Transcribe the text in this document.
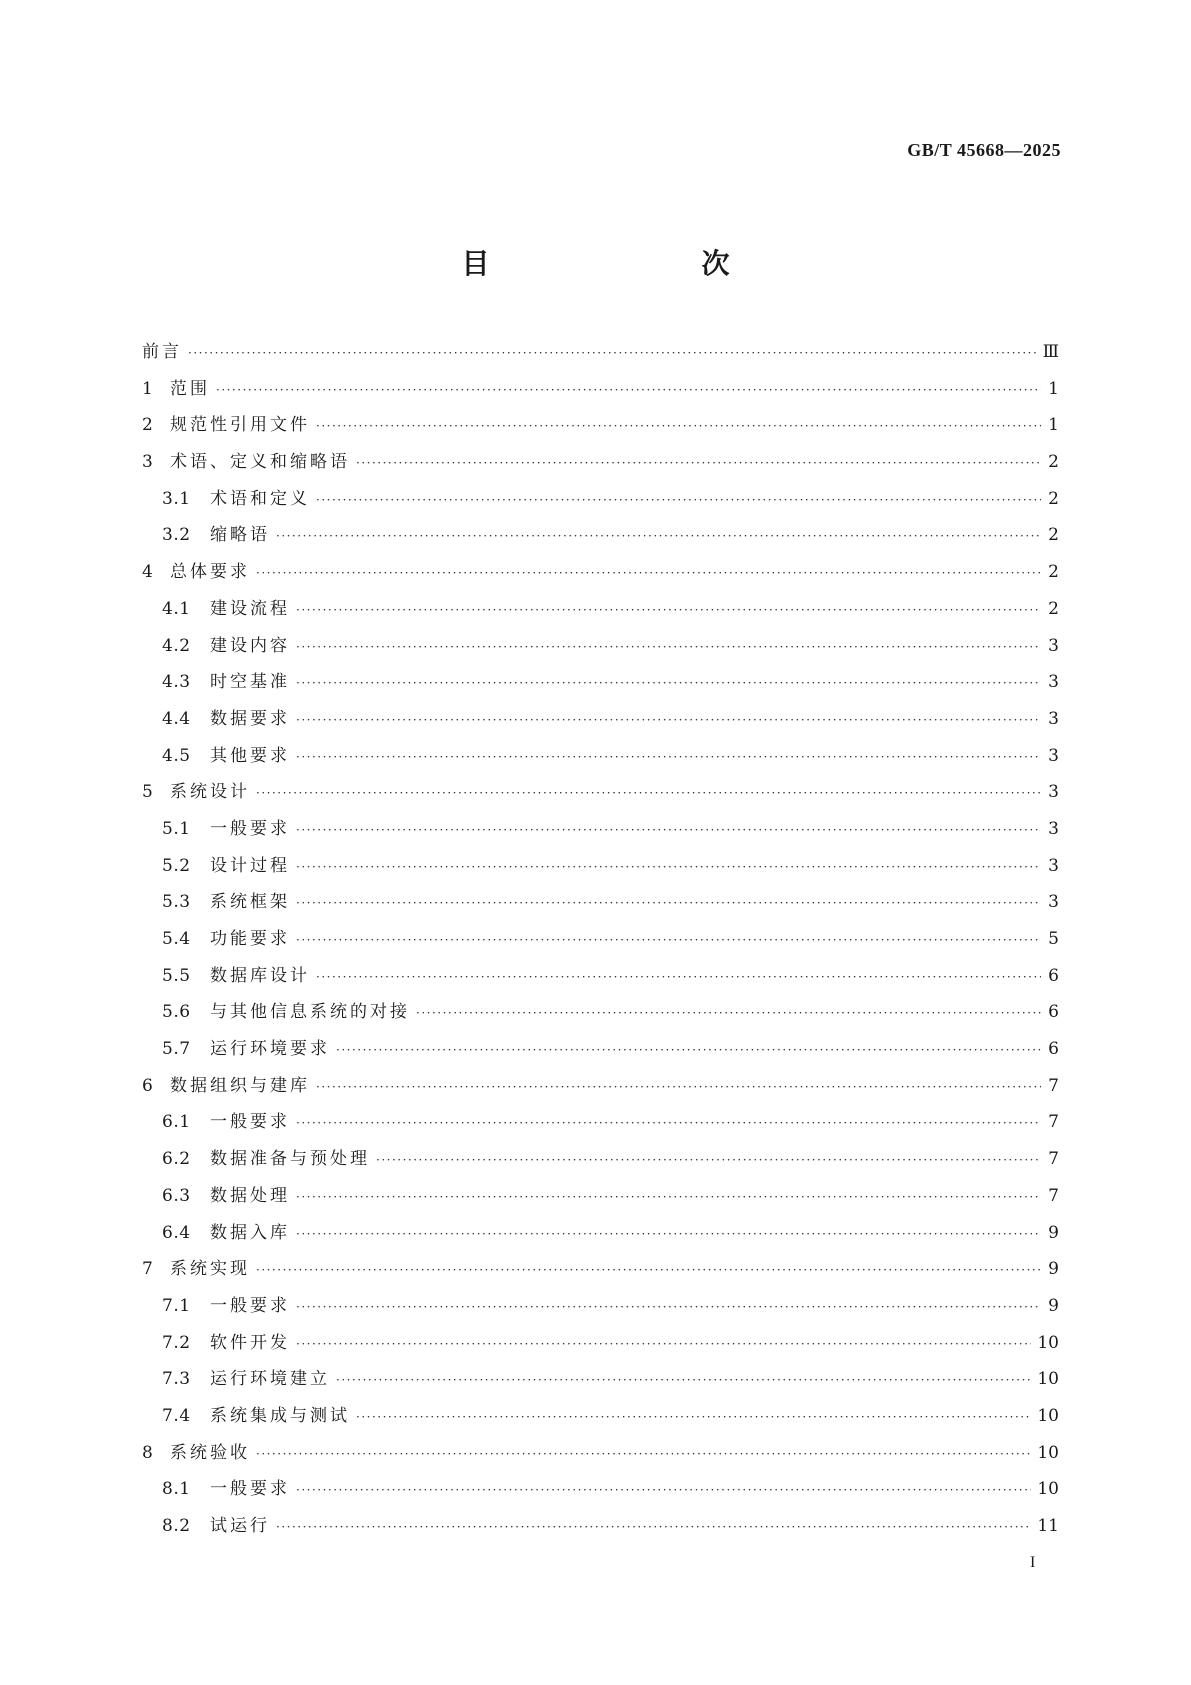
GB/T 45668—2025
目　　次
前言 ·····	Ⅲ
1 范围 ·····	1
2 规范性引用文件 ·····	1
3 术语、定义和缩略语 ·····	2
3.1	术语和定义 ·····	2
3.2	缩略语 ·····	2
4 总体要求 ·····	2
4.1	建设流程 ·····	2
4.2	建设内容 ·····	3
4.3	时空基准 ·····	3
4.4	数据要求 ·····	3
4.5	其他要求 ·····	3
5 系统设计 ·····	3
5.1	一般要求 ·····	3
5.2	设计过程 ·····	3
5.3	系统框架 ·····	3
5.4	功能要求 ·····	5
5.5	数据库设计 ·····	6
5.6	与其他信息系统的对接 ·····	6
5.7	运行环境要求 ·····	6
6 数据组织与建库 ·····	7
6.1	一般要求 ·····	7
6.2	数据准备与预处理 ·····	7
6.3	数据处理 ·····	7
6.4	数据入库 ·····	9
7 系统实现 ·····	9
7.1	一般要求 ·····	9
7.2	软件开发 ·····	10
7.3	运行环境建立 ·····	10
7.4	系统集成与测试 ·····	10
8 系统验收 ·····	10
8.1	一般要求 ·····	10
8.2	试运行 ·····	11
I
